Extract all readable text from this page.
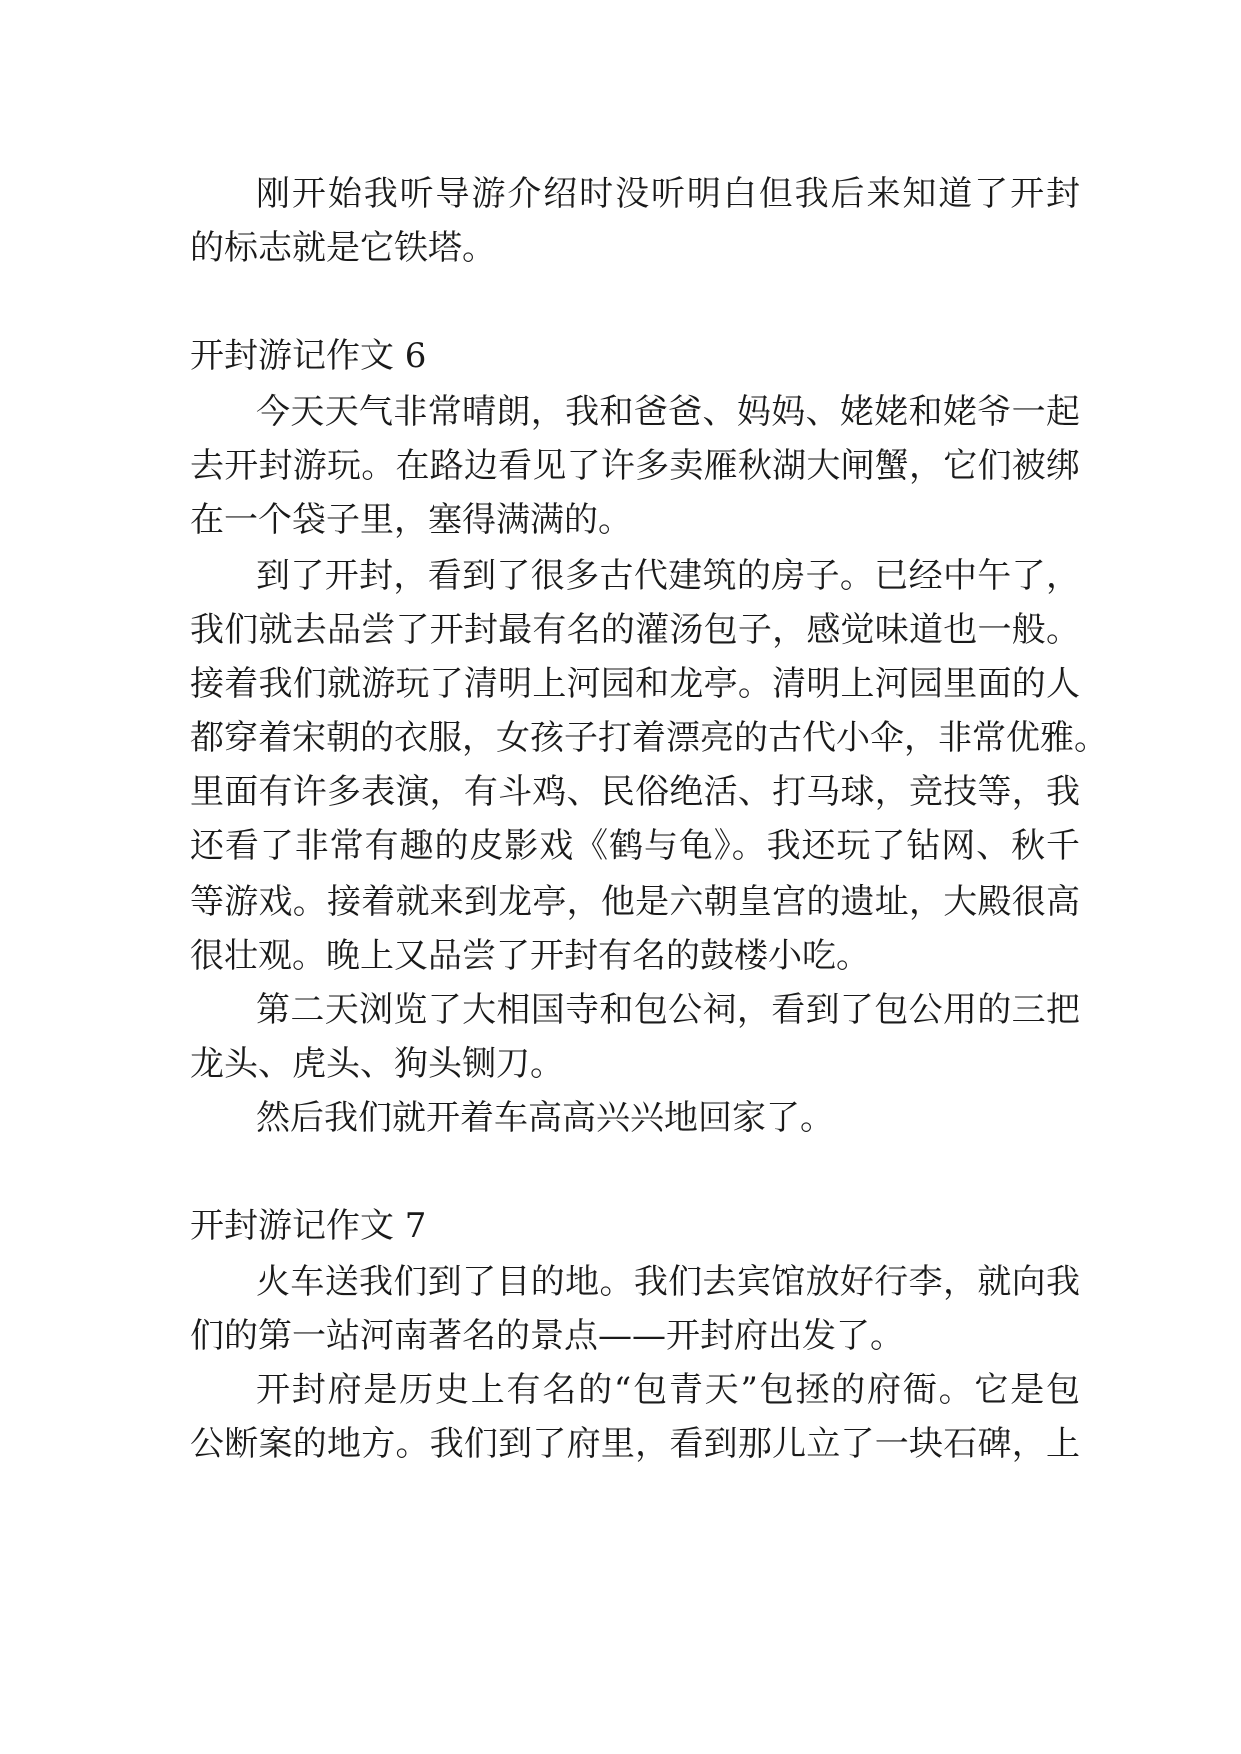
刚开始我听导游介绍时没听明白但我后来知道了开封
的标志就是它铁塔。
开封游记作文 6
今天天气非常晴朗，我和爸爸、妈妈、姥姥和姥爷一起
去开封游玩。在路边看见了许多卖雁秋湖大闸蟹，它们被绑
在一个袋子里，塞得满满的。
到了开封，看到了很多古代建筑的房子。已经中午了，
我们就去品尝了开封最有名的灌汤包子，感觉味道也一般。
接着我们就游玩了清明上河园和龙亭。清明上河园里面的人
都穿着宋朝的衣服，女孩子打着漂亮的古代小伞，非常优雅。
里面有许多表演，有斗鸡、民俗绝活、打马球，竞技等，我
还看了非常有趣的皮影戏《鹤与龟》。我还玩了钻网、秋千
等游戏。接着就来到龙亭，他是六朝皇宫的遗址，大殿很高
很壮观。晚上又品尝了开封有名的鼓楼小吃。
第二天浏览了大相国寺和包公祠，看到了包公用的三把
龙头、虎头、狗头铡刀。
然后我们就开着车高高兴兴地回家了。
开封游记作文 7
火车送我们到了目的地。我们去宾馆放好行李，就向我
们的第一站河南著名的景点——开封府出发了。
开封府是历史上有名的“包青天”包拯的府衙。它是包
公断案的地方。我们到了府里，看到那儿立了一块石碑，上
